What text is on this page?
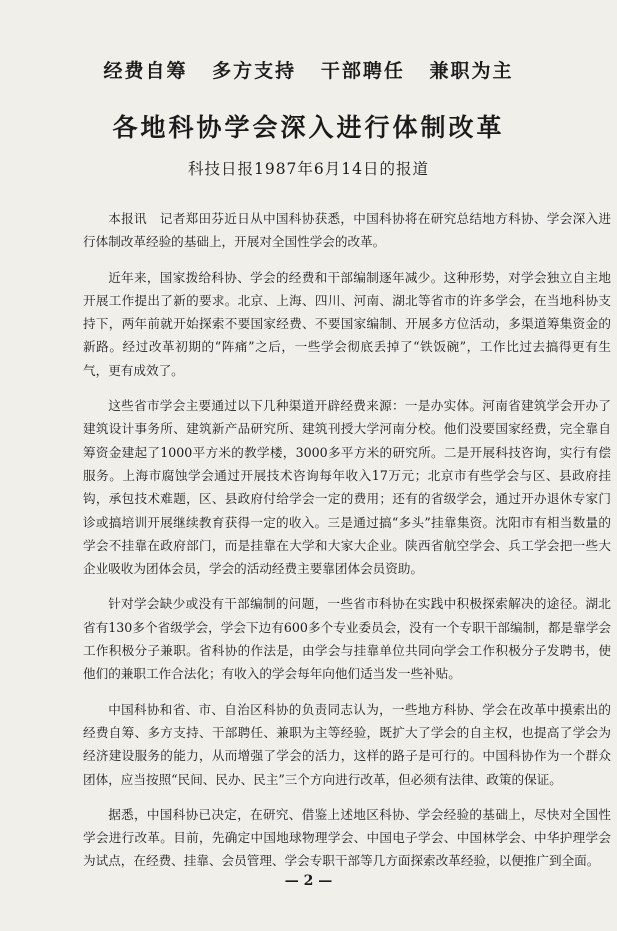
经费自筹 多方支持 干部聘任 兼职为主
各地科协学会深入进行体制改革
科技日报1987年6月14日的报道

本报讯　记者郑田芬近日从中国科协获悉，中国科协将在研究总结地方科协、学会深入进行体制改革经验的基础上，开展对全国性学会的改革。

近年来，国家拨给科协、学会的经费和干部编制逐年减少。这种形势，对学会独立自主地开展工作提出了新的要求。北京、上海、四川、河南、湖北等省市的许多学会，在当地科协支持下，两年前就开始探索不要国家经费、不要国家编制、开展多方位活动，多渠道筹集资金的新路。经过改革初期的“阵痛”之后，一些学会彻底丢掉了“铁饭碗”，工作比过去搞得更有生气，更有成效了。

这些省市学会主要通过以下几种渠道开辟经费来源：一是办实体。河南省建筑学会开办了建筑设计事务所、建筑新产品研究所、建筑刊授大学河南分校。他们没要国家经费，完全靠自筹资金建起了1000平方米的教学楼，3000多平方米的研究所。二是开展科技咨询，实行有偿服务。上海市腐蚀学会通过开展技术咨询每年收入17万元；北京市有些学会与区、县政府挂钩，承包技术难题，区、县政府付给学会一定的费用；还有的省级学会，通过开办退休专家门诊或搞培训开展继续教育获得一定的收入。三是通过搞“多头”挂靠集资。沈阳市有相当数量的学会不挂靠在政府部门，而是挂靠在大学和大家大企业。陕西省航空学会、兵工学会把一些大企业吸收为团体会员，学会的活动经费主要靠团体会员资助。

针对学会缺少或没有干部编制的问题，一些省市科协在实践中积极探索解决的途径。湖北省有130多个省级学会，学会下边有600多个专业委员会，没有一个专职干部编制，都是靠学会工作积极分子兼职。省科协的作法是，由学会与挂靠单位共同向学会工作积极分子发聘书，使他们的兼职工作合法化；有收入的学会每年向他们适当发一些补贴。

中国科协和省、市、自治区科协的负责同志认为，一些地方科协、学会在改革中摸索出的经费自筹、多方支持、干部聘任、兼职为主等经验，既扩大了学会的自主权，也提高了学会为经济建设服务的能力，从而增强了学会的活力，这样的路子是可行的。中国科协作为一个群众团体，应当按照“民间、民办、民主”三个方向进行改革，但必须有法律、政策的保证。

据悉，中国科协已决定，在研究、借鉴上述地区科协、学会经验的基础上，尽快对全国性学会进行改革。目前，先确定中国地球物理学会、中国电子学会、中国林学会、中华护理学会为试点，在经费、挂靠、会员管理、学会专职干部等几方面探索改革经验，以便推广到全面。

— 2 —
